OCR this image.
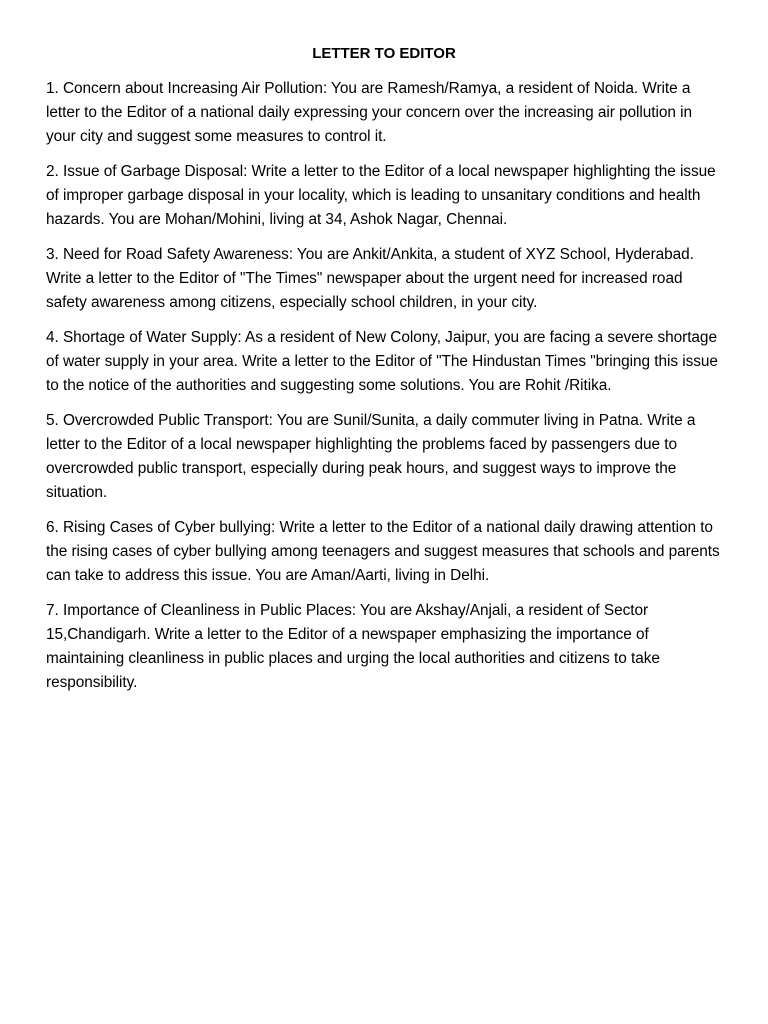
LETTER TO EDITOR

1. Concern about Increasing Air Pollution: You are Ramesh/Ramya, a resident of Noida. Write a letter to the Editor of a national daily expressing your concern over the increasing air pollution in your city and suggest some measures to control it.

2. Issue of Garbage Disposal: Write a letter to the Editor of a local newspaper highlighting the issue of improper garbage disposal in your locality, which is leading to unsanitary conditions and health hazards. You are Mohan/Mohini, living at 34, Ashok Nagar, Chennai.

3. Need for Road Safety Awareness: You are Ankit/Ankita, a student of XYZ School, Hyderabad. Write a letter to the Editor of "The Times" newspaper about the urgent need for increased road safety awareness among citizens, especially school children, in your city.

4. Shortage of Water Supply: As a resident of New Colony, Jaipur, you are facing a severe shortage of water supply in your area. Write a letter to the Editor of "The Hindustan Times "bringing this issue to the notice of the authorities and suggesting some solutions. You are Rohit /Ritika.

5. Overcrowded Public Transport: You are Sunil/Sunita, a daily commuter living in Patna. Write a letter to the Editor of a local newspaper highlighting the problems faced by passengers due to overcrowded public transport, especially during peak hours, and suggest ways to improve the situation.

6. Rising Cases of Cyber bullying: Write a letter to the Editor of a national daily drawing attention to the rising cases of cyber bullying among teenagers and suggest measures that schools and parents can take to address this issue. You are Aman/Aarti, living in Delhi.

7. Importance of Cleanliness in Public Places: You are Akshay/Anjali, a resident of Sector 15,Chandigarh. Write a letter to the Editor of a newspaper emphasizing the importance of maintaining cleanliness in public places and urging the local authorities and citizens to take responsibility.
